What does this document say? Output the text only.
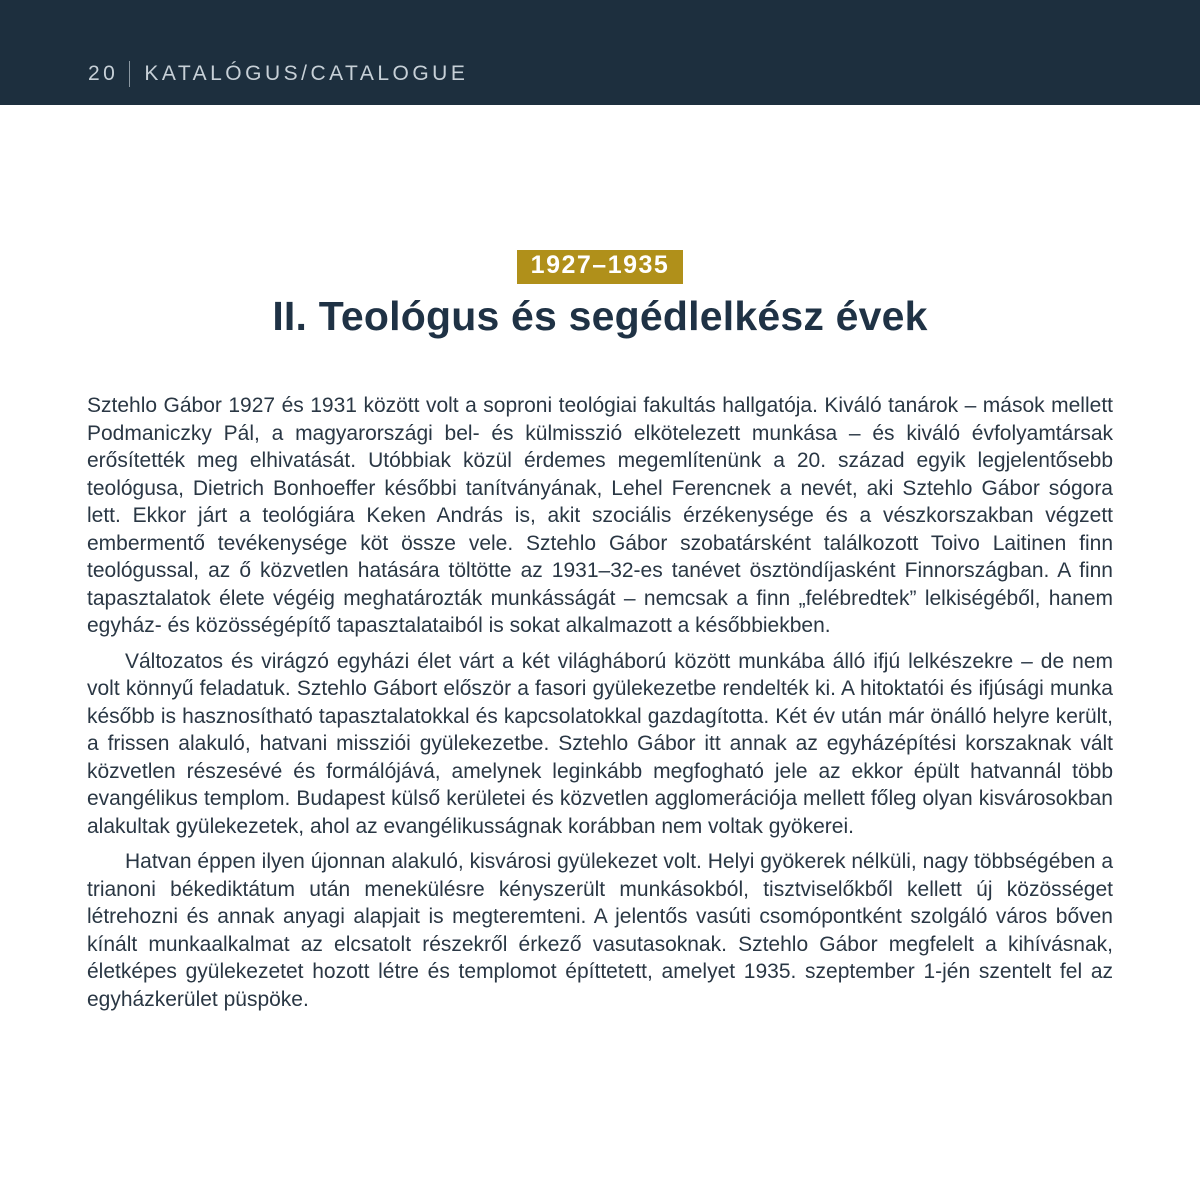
20 KATALÓGUS/CATALOGUE
1927–1935
II. Teológus és segédlelkész évek

Sztehlo Gábor 1927 és 1931 között volt a soproni teológiai fakultás hallgatója. Kiváló tanárok – mások mellett Podmaniczky Pál, a magyarországi bel- és külmisszió elkötelezett munkása – és kiváló évfolyamtársak erősítették meg elhivatását. Utóbbiak közül érdemes megemlítenünk a 20. század egyik legjelentősebb teológusa, Dietrich Bonhoeffer későbbi tanítványának, Lehel Ferencnek a nevét, aki Sztehlo Gábor sógora lett. Ekkor járt a teológiára Keken András is, akit szociális érzékenysége és a vészkorszakban végzett embermentő tevékenysége köt össze vele. Sztehlo Gábor szobatársként találkozott Toivo Laitinen finn teológussal, az ő közvetlen hatására töltötte az 1931–32-es tanévet ösztöndíjasként Finnországban. A finn tapasztalatok élete végéig meghatározták munkásságát – nemcsak a finn „felébredtek” lelkiségéből, hanem egyház- és közösségépítő tapasztalataiból is sokat alkalmazott a későbbiekben.

Változatos és virágzó egyházi élet várt a két világháború között munkába álló ifjú lelkészekre – de nem volt könnyű feladatuk. Sztehlo Gábort először a fasori gyülekezetbe rendelték ki. A hitoktatói és ifjúsági munka később is hasznosítható tapasztalatokkal és kapcsolatokkal gazdagította. Két év után már önálló helyre került, a frissen alakuló, hatvani missziói gyülekezetbe. Sztehlo Gábor itt annak az egyházépítési korszaknak vált közvetlen részesévé és formálójává, amelynek leginkább megfogható jele az ekkor épült hatvannál több evangélikus templom. Budapest külső kerületei és közvetlen agglomerációja mellett főleg olyan kisvárosokban alakultak gyülekezetek, ahol az evangélikusságnak korábban nem voltak gyökerei.

Hatvan éppen ilyen újonnan alakuló, kisvárosi gyülekezet volt. Helyi gyökerek nélküli, nagy többségében a trianoni békediktátum után menekülésre kényszerült munkásokból, tisztviselőkből kellett új közösséget létrehozni és annak anyagi alapjait is megteremteni. A jelentős vasúti csomópontként szolgáló város bőven kínált munkaalkalmat az elcsatolt részekről érkező vasutasoknak. Sztehlo Gábor megfelelt a kihívásnak, életképes gyülekezetet hozott létre és templomot építtetett, amelyet 1935. szeptember 1-jén szentelt fel az egyházkerület püspöke.
